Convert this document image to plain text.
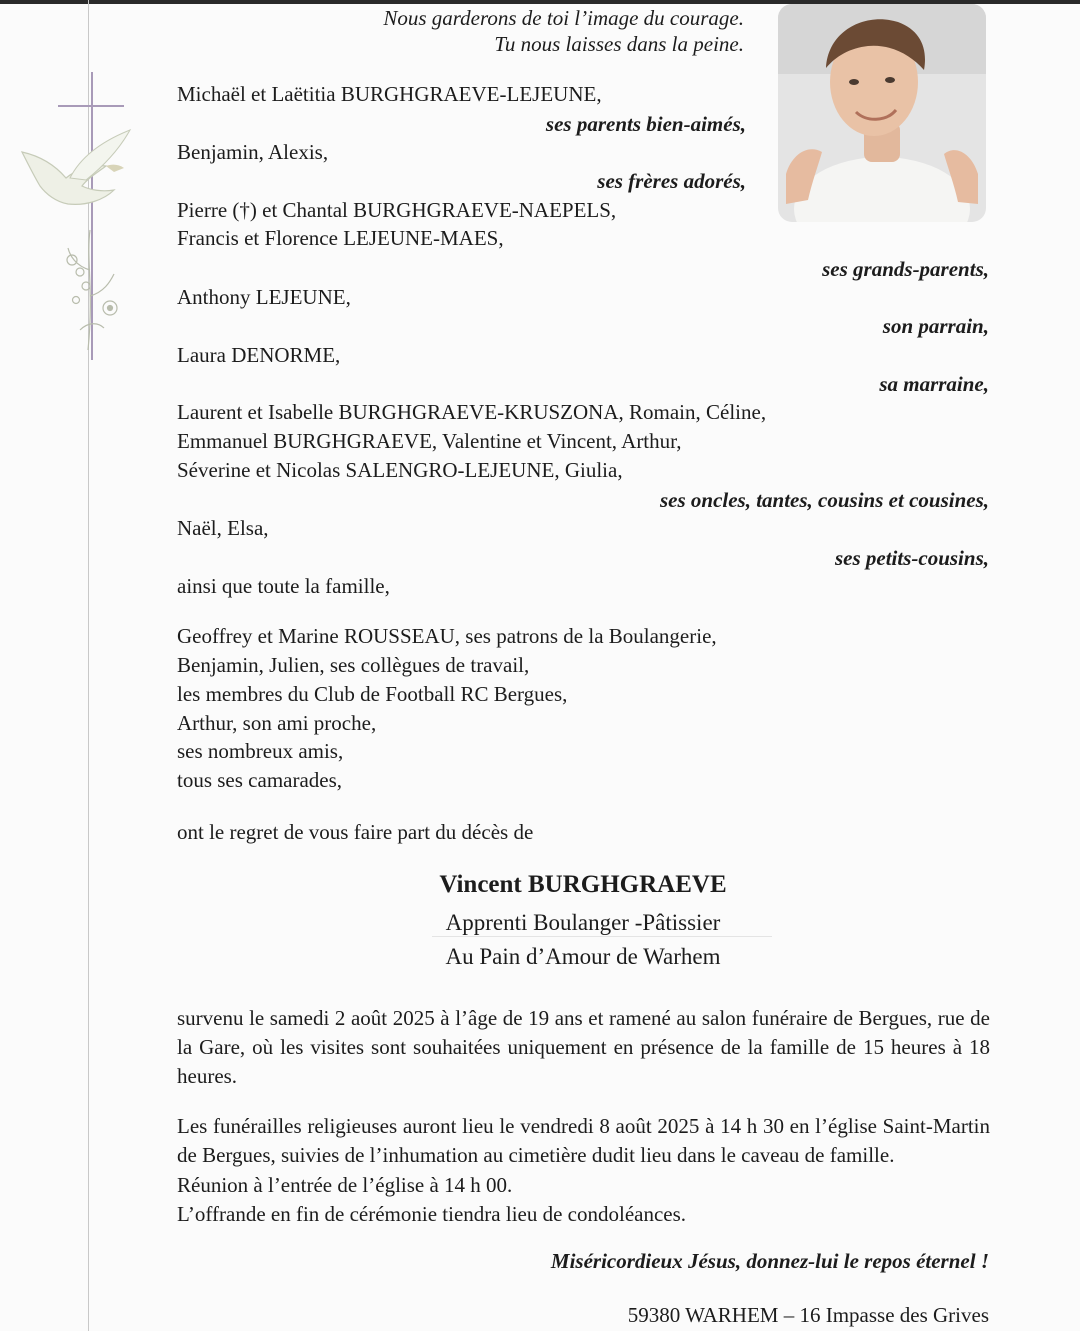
Nous garderons de toi l’image du courage.
Tu nous laisses dans la peine.
Michaël et Laëtitia BURGHGRAEVE-LEJEUNE,
ses parents bien-aimés,
Benjamin, Alexis,
ses frères adorés,
Pierre (†) et Chantal BURGHGRAEVE-NAEPELS,
Francis et Florence LEJEUNE-MAES,
ses grands-parents,
Anthony LEJEUNE,
son parrain,
Laura DENORME,
sa marraine,
Laurent et Isabelle BURGHGRAEVE-KRUSZONA, Romain, Céline,
Emmanuel BURGHGRAEVE, Valentine et Vincent, Arthur,
Séverine et Nicolas SALENGRO-LEJEUNE, Giulia,
ses oncles, tantes, cousins et cousines,
Naël, Elsa,
ses petits-cousins,
ainsi que toute la famille,
Geoffrey et Marine ROUSSEAU, ses patrons de la Boulangerie,
Benjamin, Julien, ses collègues de travail,
les membres du Club de Football RC Bergues,
Arthur, son ami proche,
ses nombreux amis,
tous ses camarades,
ont le regret de vous faire part du décès de
Vincent BURGHGRAEVE
Apprenti Boulanger -Pâtissier
Au Pain d’Amour de Warhem
survenu le samedi 2 août 2025 à l’âge de 19 ans et ramené au salon funéraire de Bergues, rue de la Gare, où les visites sont souhaitées uniquement en présence de la famille de 15 heures à 18 heures.
Les funérailles religieuses auront lieu le vendredi 8 août 2025 à 14 h 30 en l’église Saint-Martin de Bergues, suivies de l’inhumation au cimetière dudit lieu dans le caveau de famille.
Réunion à l’entrée de l’église à 14 h 00.
L’offrande en fin de cérémonie tiendra lieu de condoléances.
Miséricordieux Jésus, donnez-lui le repos éternel !
59380 WARHEM – 16 Impasse des Grives
